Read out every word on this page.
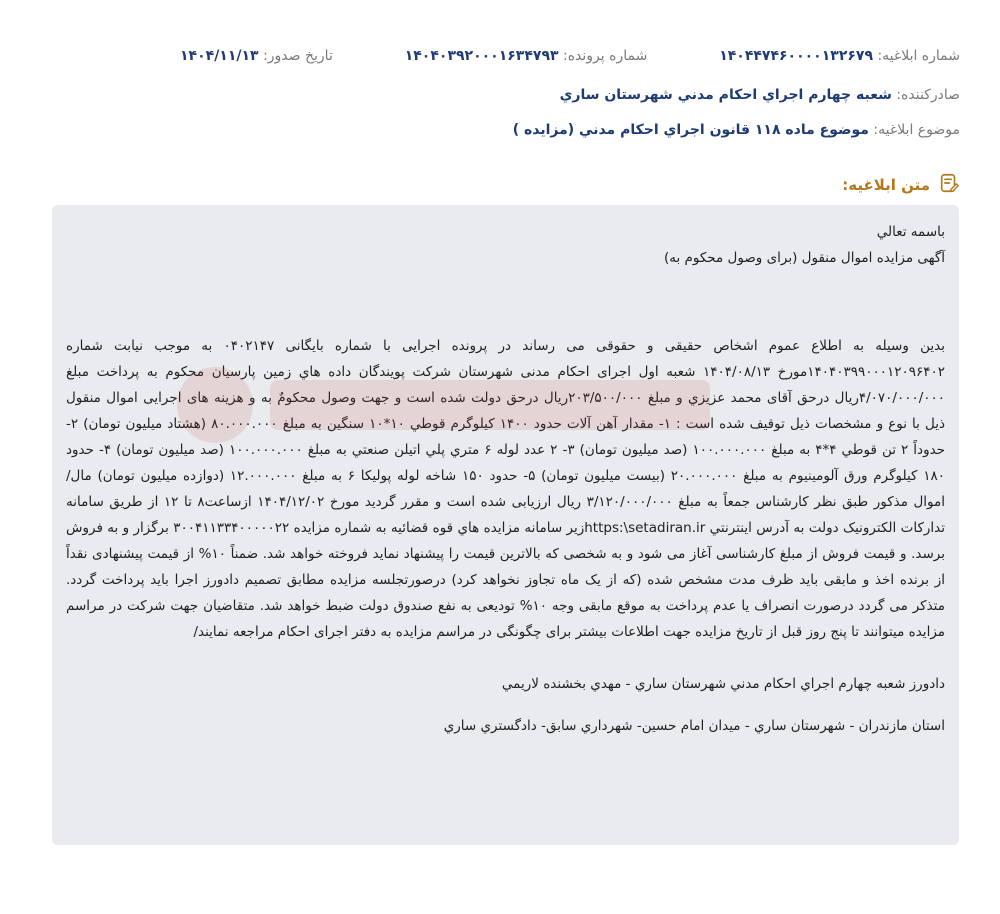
شماره ابلاغیه: ۱۴۰۴۴۷۴۶۰۰۰۰۱۳۲۶۷۹
شماره پرونده: ۱۴۰۴۰۳۹۲۰۰۰۱۶۳۴۷۹۳
تاریخ صدور: ۱۴۰۴/۱۱/۱۳
صادرکننده: شعبه چهارم اجراي احکام مدني شهرستان ساري
موضوع ابلاغیه: موضوع ماده ۱۱۸ قانون اجراي احکام مدني (مزايده )
متن ابلاغیه:

باسمه تعالي

آگهی مزایده اموال منقول (برای وصول محکوم به)

بدین وسیله به اطلاع عموم اشخاص حقیقی و حقوقی می رساند در پرونده اجرایی با شماره بایگانی ۰۴۰۲۱۴۷ به موجب نیابت شماره ۱۴۰۴۰۳۹۹۰۰۰۱۲۰۹۶۴۰۲مورخ ۱۴۰۴/۰۸/۱۳ شعبه اول اجرای احکام مدنی شهرستان شرکت پویندگان داده هاي زمین پارسیان محکوم به پرداخت مبلغ ۴/۰۷۰/۰۰۰/۰۰۰ریال درحق آقای محمد عزیزي و مبلغ ۲۰۳/۵۰۰/۰۰۰ریال درحق دولت شده است و جهت وصول محکومٌ به و هزینه های اجرایی اموال منقول ذیل با نوع و مشخصات ذیل توقیف شده است : ۱- مقدار آهن آلات حدود ۱۴۰۰ کیلوگرم قوطي ۱۰*۱۰ سنگین به مبلغ ۸۰.۰۰۰.۰۰۰ (هشتاد میلیون تومان) ۲- حدوداً ۲ تن قوطي ۴*۴ به مبلغ ۱۰۰.۰۰۰.۰۰۰ (صد میلیون تومان) ۳- ۲ عدد لوله ۶ متري پلي اتیلن صنعتي به مبلغ ۱۰۰.۰۰۰.۰۰۰ (صد میلیون تومان) ۴- حدود ۱۸۰ کیلوگرم ورق آلومینیوم به مبلغ ۲۰.۰۰۰.۰۰۰ (بیست میلیون تومان) ۵- حدود ۱۵۰ شاخه لوله پولیکا ۶ به مبلغ ۱۲.۰۰۰.۰۰۰ (دوازده میلیون تومان) مال/ اموال مذکور طبق نظر کارشناس جمعاً به مبلغ ۳/۱۲۰/۰۰۰/۰۰۰ ریال ارزیابی شده است و مقرر گردید مورخ ۱۴۰۴/۱۲/۰۲ ازساعت۸ تا ۱۲ از طریق سامانه تدارکات الکترونیک دولت به آدرس اینترنتي https:\setadiran.irزیر سامانه مزایده هاي قوه قضائیه به شماره مزایده ۳۰۰۴۱۱۳۳۴۰۰۰۰۰۲۲ برگزار و به فروش برسد. و قیمت فروش از مبلغ کارشناسی آغاز می شود و به شخصی که بالاترین قیمت را پیشنهاد نماید فروخته خواهد شد. ضمناً ۱۰% از قیمت پیشنهادی نقداً از برنده اخذ و مابقی باید ظرف مدت مشخص شده (که از یک ماه تجاوز نخواهد کرد) درصورتجلسه مزایده مطابق تصمیم دادورز اجرا باید پرداخت گردد. متذکر می گردد درصورت انصراف یا عدم پرداخت به موقع مابقی وجه ۱۰% تودیعی به نفع صندوق دولت ضبط خواهد شد. متقاضیان جهت شرکت در مراسم مزایده میتوانند تا پنج روز قبل از تاریخ مزایده جهت اطلاعات بیشتر برای چگونگی در مراسم مزایده به دفتر اجرای احکام مراجعه نمایند/

دادورز شعبه چهارم اجراي احکام مدني شهرستان ساري - مهدي بخشنده لاريمي

استان مازندران - شهرستان ساري - ميدان امام حسين- شهرداري سابق- دادگستري ساري
